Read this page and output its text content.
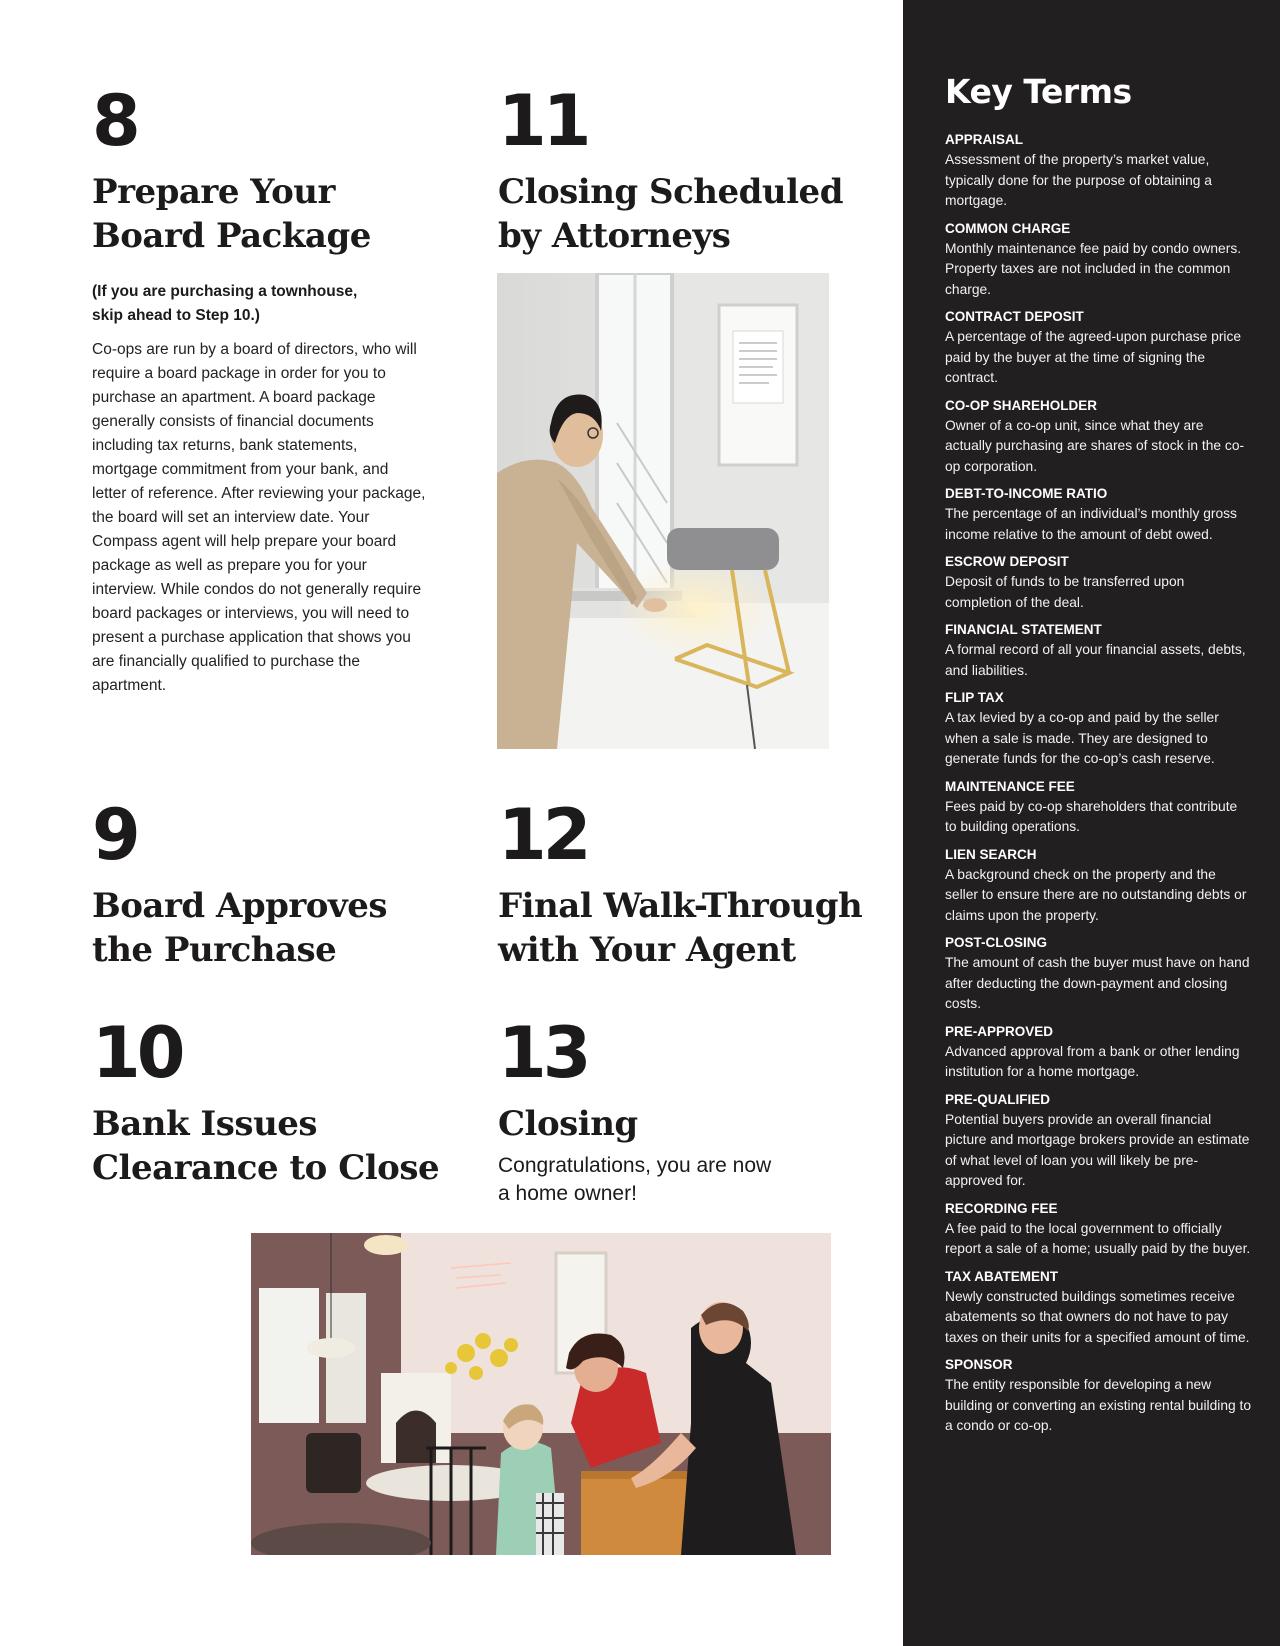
8
Prepare Your
Board Package
(If you are purchasing a townhouse,
skip ahead to Step 10.)

Co-ops are run by a board of directors, who will require a board package in order for you to purchase an apartment. A board package generally consists of financial documents including tax returns, bank statements, mortgage commitment from your bank, and letter of reference. After reviewing your package, the board will set an interview date. Your Compass agent will help prepare your board package as well as prepare you for your interview. While condos do not generally require board packages or interviews, you will need to present a purchase application that shows you are financially qualified to purchase the apartment.

11
Closing Scheduled
by Attorneys
9
Board Approves
the Purchase
12
Final Walk-Through
with Your Agent
10
Bank Issues
Clearance to Close
13
Closing
Congratulations, you are now
a home owner!
Key Terms
APPRAISAL
Assessment of the property’s market value, typically done for the purpose of obtaining a mortgage.
COMMON CHARGE
Monthly maintenance fee paid by condo owners. Property taxes are not included in the common charge.
CONTRACT DEPOSIT
A percentage of the agreed-upon purchase price paid by the buyer at the time of signing the contract.
CO-OP SHAREHOLDER
Owner of a co-op unit, since what they are actually purchasing are shares of stock in the co-op corporation.
DEBT-TO-INCOME RATIO
The percentage of an individual’s monthly gross income relative to the amount of debt owed.
ESCROW DEPOSIT
Deposit of funds to be transferred upon completion of the deal.
FINANCIAL STATEMENT
A formal record of all your financial assets, debts, and liabilities.
FLIP TAX
A tax levied by a co-op and paid by the seller when a sale is made. They are designed to generate funds for the co-op’s cash reserve.
MAINTENANCE FEE
Fees paid by co-op shareholders that contribute to building operations.
LIEN SEARCH
A background check on the property and the seller to ensure there are no outstanding debts or claims upon the property.
POST-CLOSING
The amount of cash the buyer must have on hand after deducting the down-payment and closing costs.
PRE-APPROVED
Advanced approval from a bank or other lending institution for a home mortgage.
PRE-QUALIFIED
Potential buyers provide an overall financial picture and mortgage brokers provide an estimate of what level of loan you will likely be pre-approved for.
RECORDING FEE
A fee paid to the local government to officially report a sale of a home; usually paid by the buyer.
TAX ABATEMENT
Newly constructed buildings sometimes receive abatements so that owners do not have to pay taxes on their units for a specified amount of time.
SPONSOR
The entity responsible for developing a new building or converting an existing rental building to a condo or co-op.
